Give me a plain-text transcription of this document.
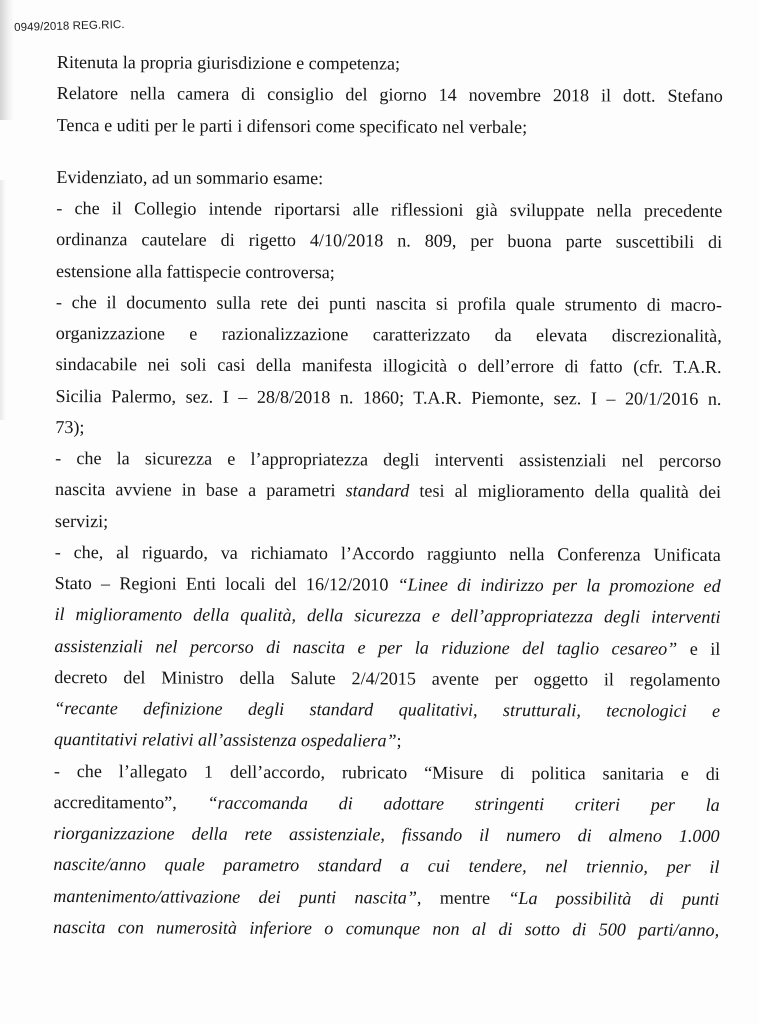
0949/2018 REG.RIC.
Ritenuta la propria giurisdizione e competenza;
Relatore nella camera di consiglio del giorno 14 novembre 2018 il dott. Stefano
Tenca e uditi per le parti i difensori come specificato nel verbale;
Evidenziato, ad un sommario esame:
- che il Collegio intende riportarsi alle riflessioni già sviluppate nella precedente
ordinanza cautelare di rigetto 4/10/2018 n. 809, per buona parte suscettibili di
estensione alla fattispecie controversa;
- che il documento sulla rete dei punti nascita si profila quale strumento di macro-
organizzazione e razionalizzazione caratterizzato da elevata discrezionalità,
sindacabile nei soli casi della manifesta illogicità o dell’errore di fatto (cfr. T.A.R.
Sicilia Palermo, sez. I – 28/8/2018 n. 1860; T.A.R. Piemonte, sez. I – 20/1/2016 n.
73);
- che la sicurezza e l’appropriatezza degli interventi assistenziali nel percorso
nascita avviene in base a parametri standard tesi al miglioramento della qualità dei
servizi;
- che, al riguardo, va richiamato l’Accordo raggiunto nella Conferenza Unificata
Stato – Regioni Enti locali del 16/12/2010 “Linee di indirizzo per la promozione ed
il miglioramento della qualità, della sicurezza e dell’appropriatezza degli interventi
assistenziali nel percorso di nascita e per la riduzione del taglio cesareo” e il
decreto del Ministro della Salute 2/4/2015 avente per oggetto il regolamento
“recante definizione degli standard qualitativi, strutturali, tecnologici e
quantitativi relativi all’assistenza ospedaliera”;
- che l’allegato 1 dell’accordo, rubricato “Misure di politica sanitaria e di
accreditamento”, “raccomanda di adottare stringenti criteri per la
riorganizzazione della rete assistenziale, fissando il numero di almeno 1.000
nascite/anno quale parametro standard a cui tendere, nel triennio, per il
mantenimento/attivazione dei punti nascita”, mentre “La possibilità di punti
nascita con numerosità inferiore o comunque non al di sotto di 500 parti/anno,
